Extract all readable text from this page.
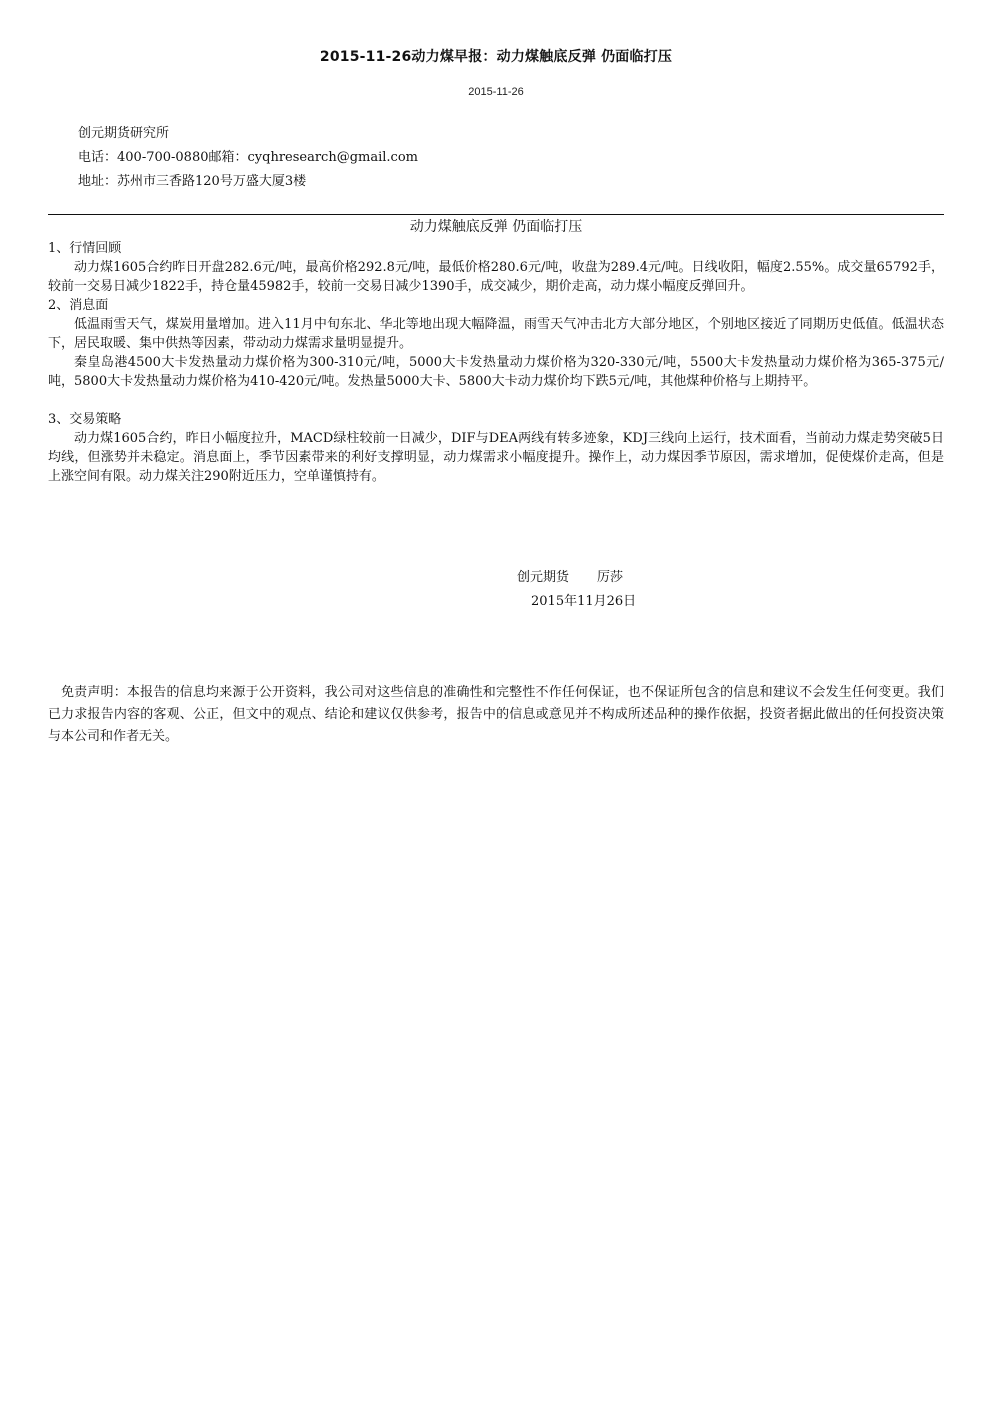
2015-11-26动力煤早报：动力煤触底反弹 仍面临打压
2015-11-26
创元期货研究所
电话：400-700-0880邮箱：cyqhresearch@gmail.com
地址：苏州市三香路120号万盛大厦3楼
动力煤触底反弹 仍面临打压
1、行情回顾

动力煤1605合约昨日开盘282.6元/吨，最高价格292.8元/吨，最低价格280.6元/吨，收盘为289.4元/吨。日线收阳，幅度2.55%。成交量65792手，较前一交易日减少1822手，持仓量45982手，较前一交易日减少1390手，成交减少，期价走高，动力煤小幅度反弹回升。

2、消息面

低温雨雪天气，煤炭用量增加。进入11月中旬东北、华北等地出现大幅降温，雨雪天气冲击北方大部分地区，个别地区接近了同期历史低值。低温状态下，居民取暖、集中供热等因素，带动动力煤需求量明显提升。

秦皇岛港4500大卡发热量动力煤价格为300-310元/吨，5000大卡发热量动力煤价格为320-330元/吨，5500大卡发热量动力煤价格为365-375元/吨，5800大卡发热量动力煤价格为410-420元/吨。发热量5000大卡、5800大卡动力煤价均下跌5元/吨，其他煤种价格与上期持平。

3、交易策略

动力煤1605合约，昨日小幅度拉升，MACD绿柱较前一日减少，DIF与DEA两线有转多迹象，KDJ三线向上运行，技术面看，当前动力煤走势突破5日均线，但涨势并未稳定。消息面上，季节因素带来的利好支撑明显，动力煤需求小幅度提升。操作上，动力煤因季节原因，需求增加，促使煤价走高，但是上涨空间有限。动力煤关注290附近压力，空单谨慎持有。

创元期货 厉莎
2015年11月26日
免责声明：本报告的信息均来源于公开资料，我公司对这些信息的准确性和完整性不作任何保证，也不保证所包含的信息和建议不会发生任何变更。我们已力求报告内容的客观、公正，但文中的观点、结论和建议仅供参考，报告中的信息或意见并不构成所述品种的操作依据，投资者据此做出的任何投资决策与本公司和作者无关。
